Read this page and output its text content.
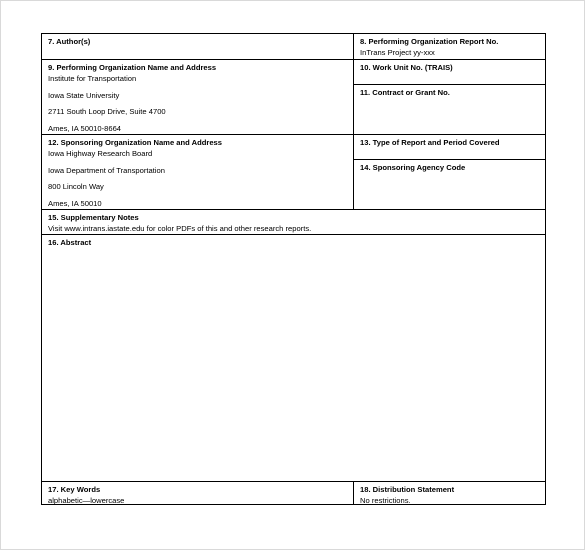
7. Author(s)	8. Performing Organization Report No.
InTrans Project yy-xxx
9. Performing Organization Name and Address
Institute for Transportation
Iowa State University
2711 South Loop Drive, Suite 4700
Ames, IA 50010-8664
10. Work Unit No. (TRAIS)
11. Contract or Grant No.
12. Sponsoring Organization Name and Address
Iowa Highway Research Board
Iowa Department of Transportation
800 Lincoln Way
Ames, IA 50010
13. Type of Report and Period Covered
14. Sponsoring Agency Code
15. Supplementary Notes
Visit www.intrans.iastate.edu for color PDFs of this and other research reports.
16. Abstract
17. Key Words
alphabetic—lowercase
18. Distribution Statement
No restrictions.
